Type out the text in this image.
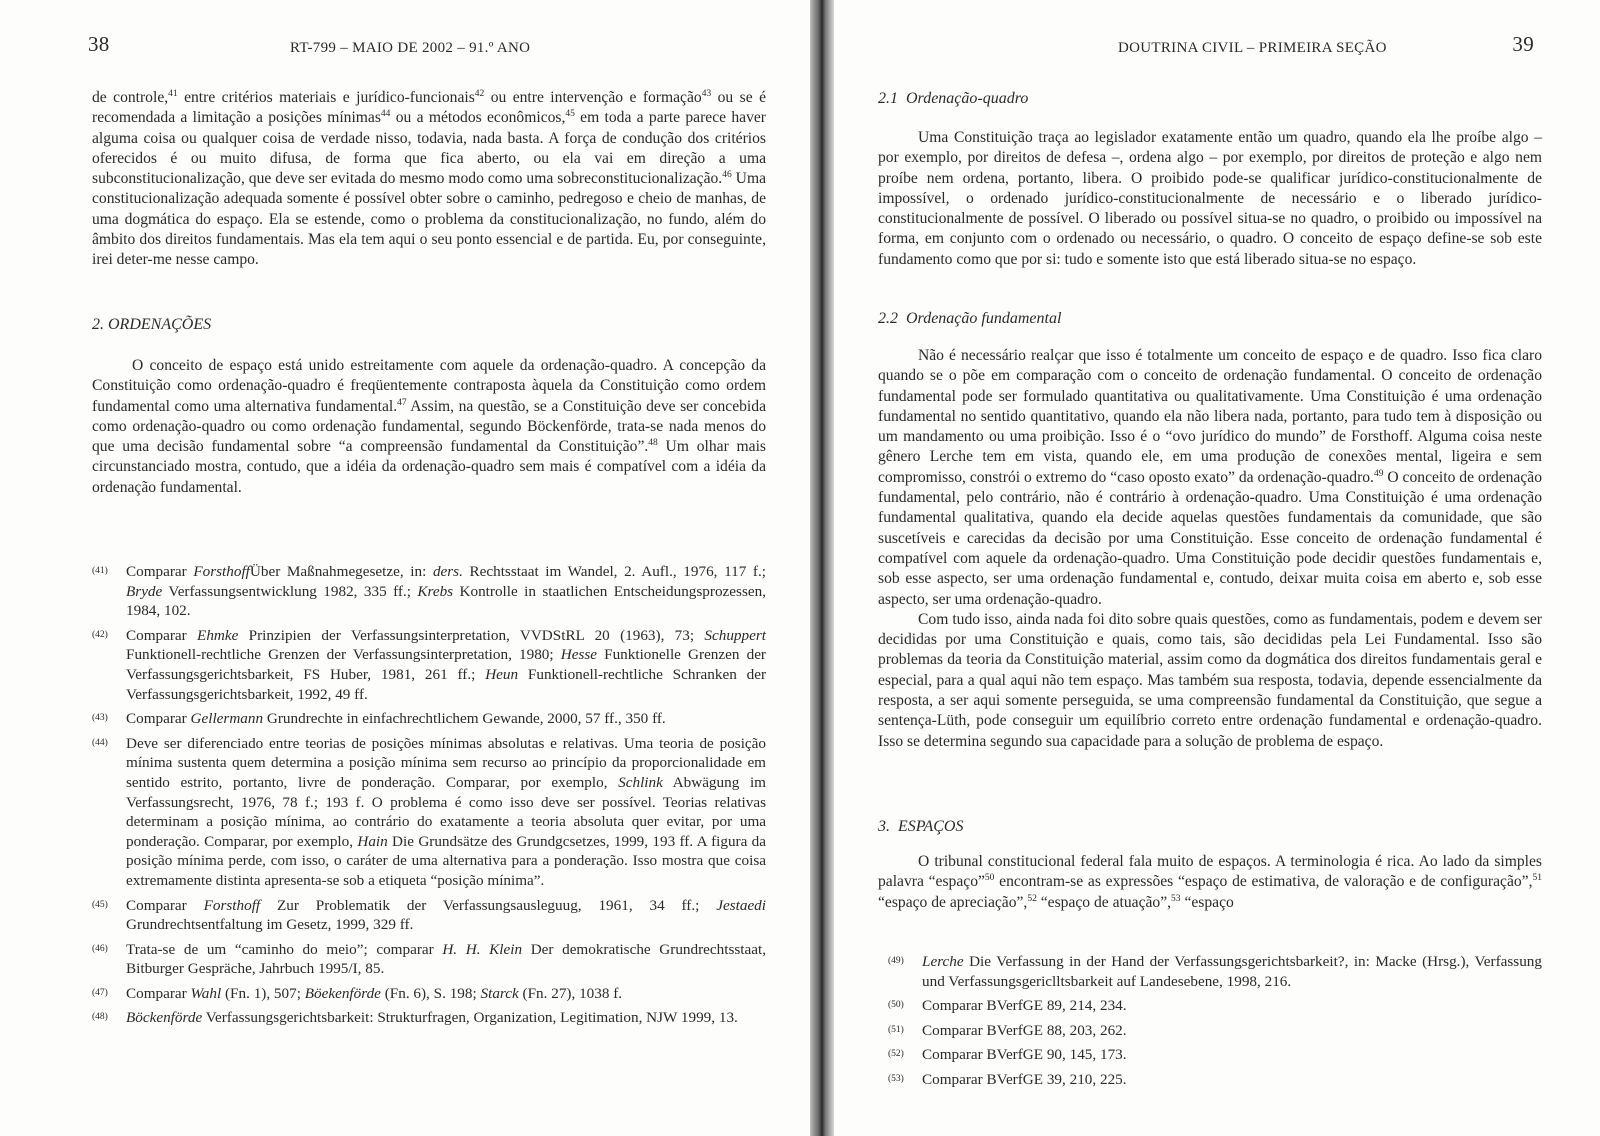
38	RT-799 – MAIO DE 2002 – 91.º ANO

de controle,$^{41}$ entre critérios materiais e jurídico-funcionais$^{42}$ ou entre intervenção e formação$^{43}$ ou se é recomendada a limitação a posições mínimas$^{44}$ ou a métodos econômicos,$^{45}$ em toda a parte parece haver alguma coisa ou qualquer coisa de verdade nisso, todavia, nada basta. A força de condução dos critérios oferecidos é ou muito difusa, de forma que fica aberto, ou ela vai em direção a uma subconstitucionalização, que deve ser evitada do mesmo modo como uma sobreconstitucionalização.$^{46}$ Uma constitucionalização adequada somente é possível obter sobre o caminho, pedregoso e cheio de manhas, de uma dogmática do espaço. Ela se estende, como o problema da constitucionalização, no fundo, além do âmbito dos direitos fundamentais. Mas ela tem aqui o seu ponto essencial e de partida. Eu, por conseguinte, irei deter-me nesse campo.

2. ORDENAÇÕES

O conceito de espaço está unido estreitamente com aquele da ordenação-quadro. A concepção da Constituição como ordenação-quadro é freqüentemente contraposta àquela da Constituição como ordem fundamental como uma alternativa fundamental.$^{47}$ Assim, na questão, se a Constituição deve ser concebida como ordenação-quadro ou como ordenação fundamental, segundo Böckenförde, trata-se nada menos do que uma decisão fundamental sobre “a compreensão fundamental da Constituição”.$^{48}$ Um olhar mais circunstanciado mostra, contudo, que a idéia da ordenação-quadro sem mais é compatível com a idéia da ordenação fundamental.

(41) Comparar ForsthoffÜber Maßnahmegesetze, in: ders. Rechtsstaat im Wandel, 2. Aufl., 1976, 117 f.; Bryde Verfassungsentwicklung 1982, 335 ff.; Krebs Kontrolle in staatlichen Entscheidungsprozessen, 1984, 102.
(42) Comparar Ehmke Prinzipien der Verfassungsinterpretation, VVDStRL 20 (1963), 73; Schuppert Funktionell-rechtliche Grenzen der Verfassungsinterpretation, 1980; Hesse Funktionelle Grenzen der Verfassungsgerichtsbarkeit, FS Huber, 1981, 261 ff.; Heun Funktionell-rechtliche Schranken der Verfassungsgerichtsbarkeit, 1992, 49 ff.
(43) Comparar Gellermann Grundrechte in einfachrechtlichem Gewande, 2000, 57 ff., 350 ff.
(44) Deve ser diferenciado entre teorias de posições mínimas absolutas e relativas. Uma teoria de posição mínima sustenta quem determina a posição mínima sem recurso ao princípio da proporcionalidade em sentido estrito, portanto, livre de ponderação. Comparar, por exemplo, Schlink Abwägung im Verfassungsrecht, 1976, 78 f.; 193 f. O problema é como isso deve ser possível. Teorias relativas determinam a posição mínima, ao contrário do exatamente a teoria absoluta quer evitar, por uma ponderação. Comparar, por exemplo, Hain Die Grundsätze des Grundgcsetzes, 1999, 193 ff. A figura da posição mínima perde, com isso, o caráter de uma alternativa para a ponderação. Isso mostra que coisa extremamente distinta apresenta-se sob a etiqueta “posição mínima”.
(45) Comparar Forsthoff Zur Problematik der Verfassungsausleguug, 1961, 34 ff.; Jestaedi Grundrechtsentfaltung im Gesetz, 1999, 329 ff.
(46) Trata-se de um “caminho do meio”; comparar H. H. Klein Der demokratische Grundrechtsstaat, Bitburger Gespräche, Jahrbuch 1995/I, 85.
(47) Comparar Wahl (Fn. 1), 507; Böekenförde (Fn. 6), S. 198; Starck (Fn. 27), 1038 f.
(48) Böckenförde Verfassungsgerichtsbarkeit: Strukturfragen, Organization, Legitimation, NJW 1999, 13.
DOUTRINA CIVIL – PRIMEIRA SEÇÃO	39
2.1 Ordenação-quadro

Uma Constituição traça ao legislador exatamente então um quadro, quando ela lhe proíbe algo – por exemplo, por direitos de defesa –, ordena algo – por exemplo, por direitos de proteção e algo nem proíbe nem ordena, portanto, libera. O proibido pode-se qualificar jurídico-constitucionalmente de impossível, o ordenado jurídico-constitucionalmente de necessário e o liberado jurídico-constitucionalmente de possível. O liberado ou possível situa-se no quadro, o proibido ou impossível na forma, em conjunto com o ordenado ou necessário, o quadro. O conceito de espaço define-se sob este fundamento como que por si: tudo e somente isto que está liberado situa-se no espaço.

2.2 Ordenação fundamental

Não é necessário realçar que isso é totalmente um conceito de espaço e de quadro. Isso fica claro quando se o põe em comparação com o conceito de ordenação fundamental. O conceito de ordenação fundamental pode ser formulado quantitativa ou qualitativamente. Uma Constituição é uma ordenação fundamental no sentido quantitativo, quando ela não libera nada, portanto, para tudo tem à disposição ou um mandamento ou uma proibição. Isso é o “ovo jurídico do mundo” de Forsthoff. Alguma coisa neste gênero Lerche tem em vista, quando ele, em uma produção de conexões mental, ligeira e sem compromisso, constrói o extremo do “caso oposto exato” da ordenação-quadro.$^{49}$ O conceito de ordenação fundamental, pelo contrário, não é contrário à ordenação-quadro. Uma Constituição é uma ordenação fundamental qualitativa, quando ela decide aquelas questões fundamentais da comunidade, que são suscetíveis e carecidas da decisão por uma Constituição. Esse conceito de ordenação fundamental é compatível com aquele da ordenação-quadro. Uma Constituição pode decidir questões fundamentais e, sob esse aspecto, ser uma ordenação fundamental e, contudo, deixar muita coisa em aberto e, sob esse aspecto, ser uma ordenação-quadro.

Com tudo isso, ainda nada foi dito sobre quais questões, como as fundamentais, podem e devem ser decididas por uma Constituição e quais, como tais, são decididas pela Lei Fundamental. Isso são problemas da teoria da Constituição material, assim como da dogmática dos direitos fundamentais geral e especial, para a qual aqui não tem espaço. Mas também sua resposta, todavia, depende essencialmente da resposta, a ser aqui somente perseguida, se uma compreensão fundamental da Constituição, que segue a sentença-Lüth, pode conseguir um equilíbrio correto entre ordenação fundamental e ordenação-quadro. Isso se determina segundo sua capacidade para a solução de problema de espaço.

3. ESPAÇOS

O tribunal constitucional federal fala muito de espaços. A terminologia é rica. Ao lado da simples palavra “espaço”$^{50}$ encontram-se as expressões “espaço de estimativa, de valoração e de configuração”,$^{51}$ “espaço de apreciação”,$^{52}$ “espaço de atuação”,$^{53}$ “espaço

(49) Lerche Die Verfassung in der Hand der Verfassungsgerichtsbarkeit?, in: Macke (Hrsg.), Verfassung und Verfassungsgericlltsbarkeit auf Landesebene, 1998, 216.
(50) Comparar BVerfGE 89, 214, 234.
(51) Comparar BVerfGE 88, 203, 262.
(52) Comparar BVerfGE 90, 145, 173.
(53) Comparar BVerfGE 39, 210, 225.
